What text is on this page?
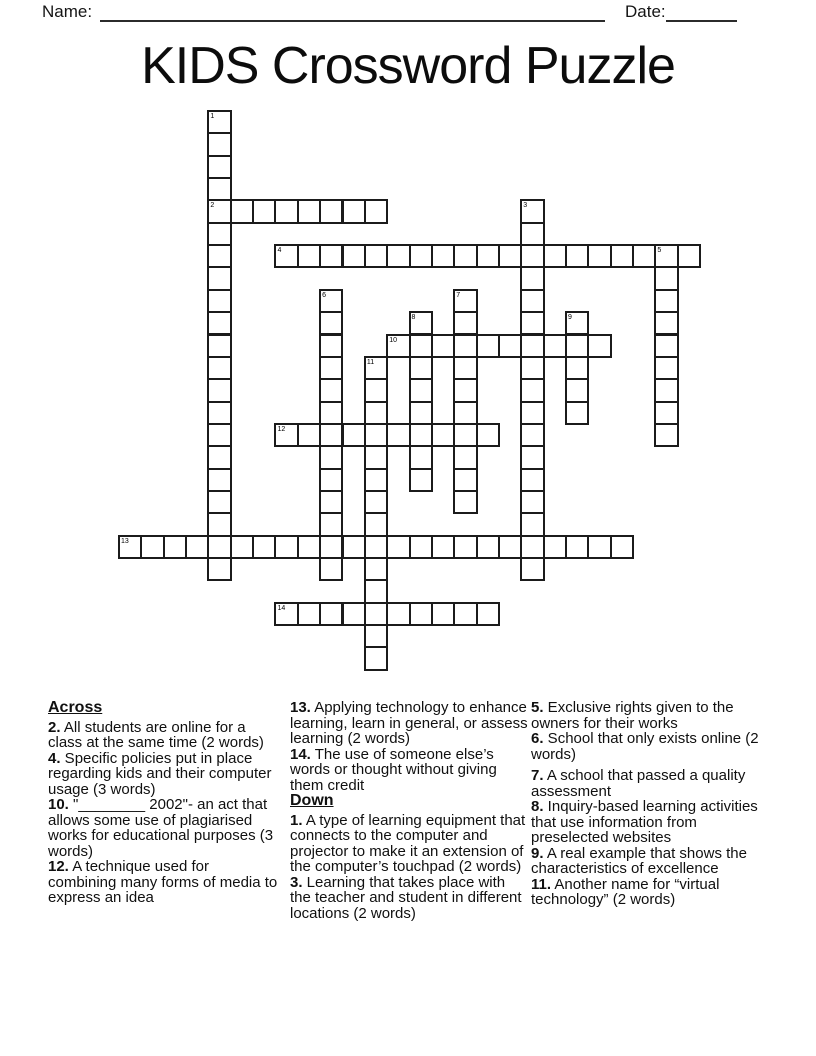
Name:	Date:
KIDS Crossword Puzzle
1
2	3
4	5
6	7
8	9
10
11
12
13
14
Across

2. All students are online for a class at the same time (2 words)

4. Specific policies put in place regarding kids and their computer usage (3 words)

10. "________ 2002"- an act that allows some use of plagiarised works for educational purposes (3 words)

12. A technique used for combining many forms of media to express an idea

13. Applying technology to enhance learning, learn in general, or assess learning (2 words)

14. The use of someone else’s words or thought without giving them credit

Down

1. A type of learning equipment that connects to the computer and projector to make it an extension of the computer’s touchpad (2 words)

3. Learning that takes place with the teacher and student in different locations (2 words)

5. Exclusive rights given to the owners for their works

6. School that only exists online (2 words)

7. A school that passed a quality assessment

8. Inquiry-based learning activities that use information from preselected websites

9. A real example that shows the characteristics of excellence

11. Another name for “virtual technology” (2 words)
